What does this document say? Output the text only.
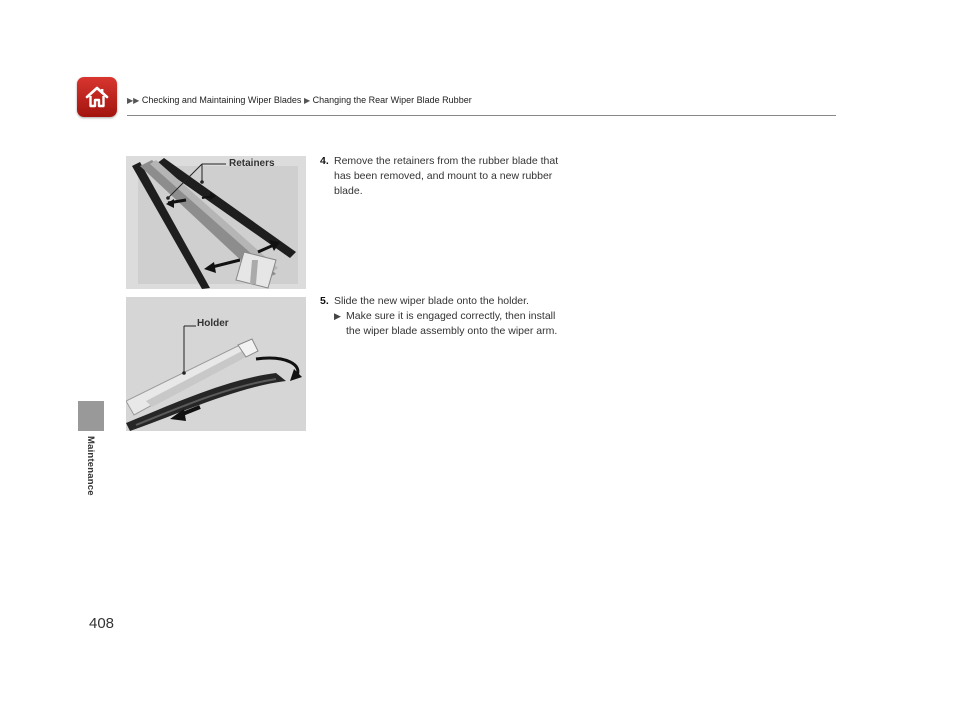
▶▶ Checking and Maintaining Wiper Blades ▶ Changing the Rear Wiper Blade Rubber
Maintenance
408
Retainers
Holder
4. Remove the retainers from the rubber blade that has been removed, and mount to a new rubber blade.
5. Slide the new wiper blade onto the holder.
▶ Make sure it is engaged correctly, then install the wiper blade assembly onto the wiper arm.
